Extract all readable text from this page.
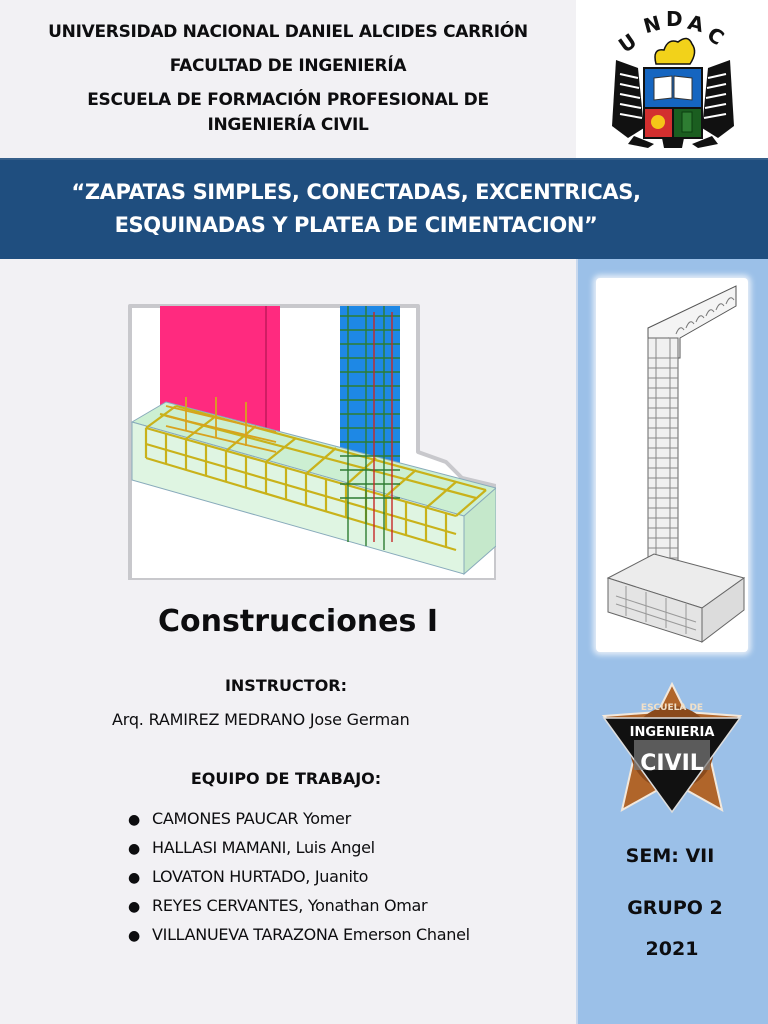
UNIVERSIDAD NACIONAL DANIEL ALCIDES CARRIÓN
FACULTAD DE INGENIERÍA
ESCUELA DE FORMACIÓN PROFESIONAL DE
INGENIERÍA CIVIL
U
N D A
C
“ZAPATAS SIMPLES, CONECTADAS, EXCENTRICAS,
ESQUINADAS Y PLATEA DE CIMENTACION”
Construcciones I
INSTRUCTOR:
Arq. RAMIREZ MEDRANO Jose German
EQUIPO DE TRABAJO:
● CAMONES PAUCAR Yomer
● HALLASI MAMANI, Luis Angel
● LOVATON HURTADO, Juanito
● REYES CERVANTES, Yonathan Omar
● VILLANUEVA TARAZONA Emerson Chanel
ESCUELA DE
INGENIERIA
CIVIL
SEM: VII
GRUPO 2
2021
